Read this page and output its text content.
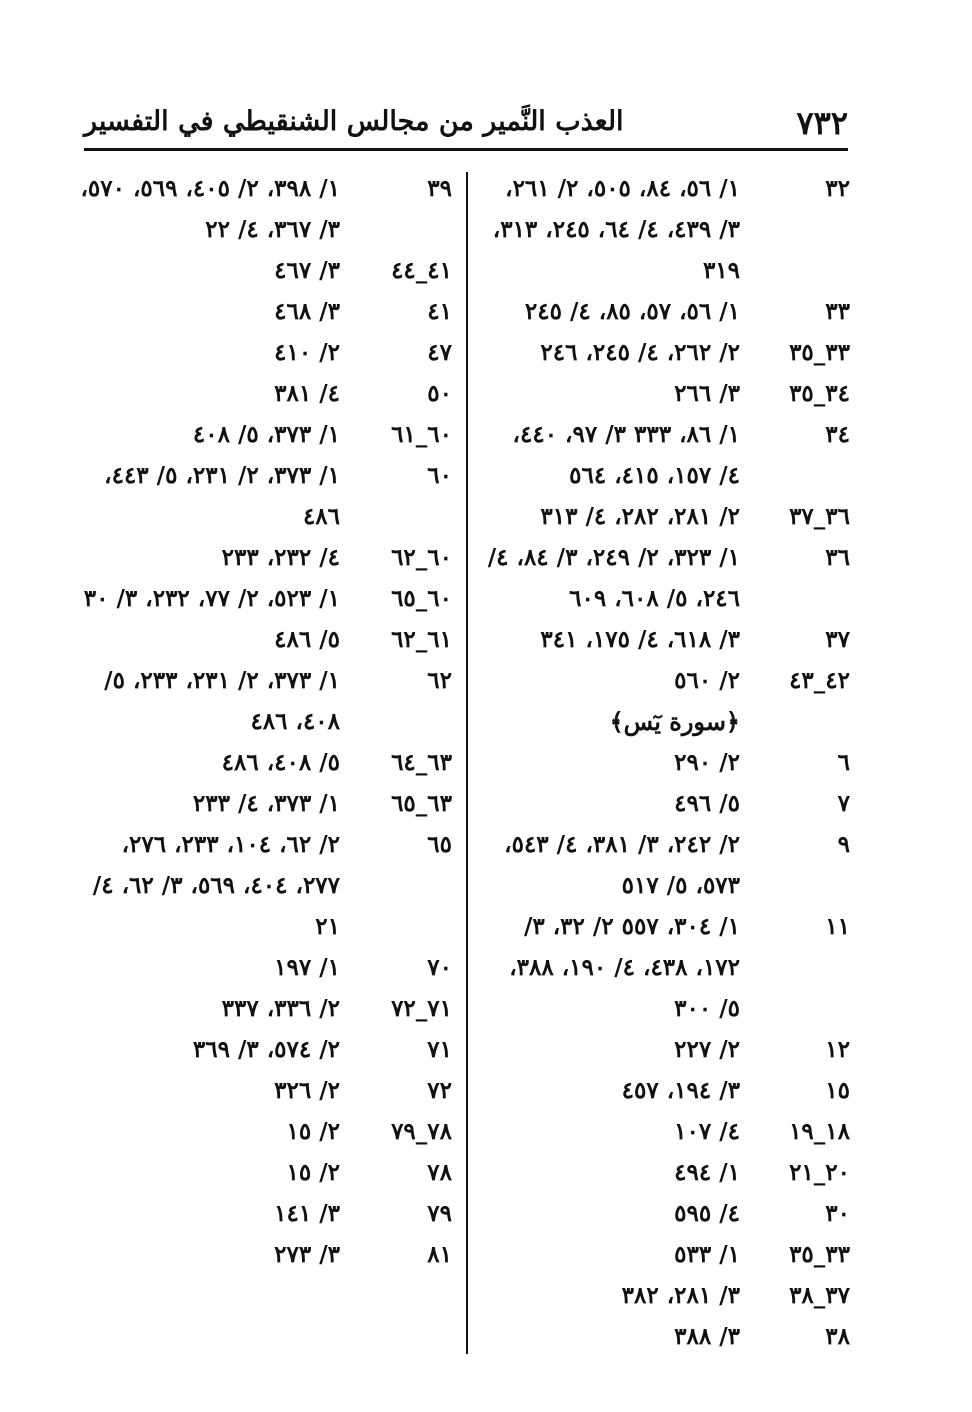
٧٣٢
العذب النَّمير من مجالس الشنقيطي في التفسير
٣٢
١/ ٥٦، ٨٤، ٥٠٥، ٢/ ٢٦١، ٣/ ٤٣٩، ٤/ ٦٤، ٢٤٥، ٣١٣، ٣١٩
٣٣
١/ ٥٦، ٥٧، ٨٥، ٤/ ٢٤٥
٣٣_٣٥
٢/ ٢٦٢، ٤/ ٢٤٥، ٢٤٦
٣٤_٣٥
٣/ ٢٦٦
٣٤
١/ ٨٦، ٣٣٣ ٣/ ٩٧، ٤٤٠، ٤/ ١٥٧، ٤١٥، ٥٦٤
٣٦_٣٧
٢/ ٢٨١، ٢٨٢، ٤/ ٣١٣
٣٦
١/ ٣٢٣، ٢/ ٢٤٩، ٣/ ٨٤، ٤/ ٢٤٦، ٥/ ٦٠٨، ٦٠٩
٣٧
٣/ ٦١٨، ٤/ ١٧٥، ٣٤١
٤٢_٤٣
٢/ ٥٦٠
﴿سورة يٓس﴾
٦
٢/ ٢٩٠
٧
٥/ ٤٩٦
٩
٢/ ٢٤٢، ٣/ ٣٨١، ٤/ ٥٤٣، ٥٧٣، ٥/ ٥١٧
١١
١/ ٣٠٤، ٥٥٧ ٢/ ٣٢، ٣/ ١٧٢، ٤٣٨، ٤/ ١٩٠، ٣٨٨، ٥/ ٣٠٠
١٢
٢/ ٢٢٧
١٥
٣/ ١٩٤، ٤٥٧
١٨_١٩
٤/ ١٠٧
٢٠_٢١
١/ ٤٩٤
٣٠
٤/ ٥٩٥
٣٣_٣٥
١/ ٥٣٣
٣٧_٣٨
٣/ ٢٨١، ٣٨٢
٣٨
٣/ ٣٨٨
٣٩
١/ ٣٩٨، ٢/ ٤٠٥، ٥٦٩، ٥٧٠، ٣/ ٣٦٧، ٤/ ٢٢
٤١_٤٤
٣/ ٤٦٧
٤١
٣/ ٤٦٨
٤٧
٢/ ٤١٠
٥٠
٤/ ٣٨١
٦٠_٦١
١/ ٣٧٣، ٥/ ٤٠٨
٦٠
١/ ٣٧٣، ٢/ ٢٣١، ٥/ ٤٤٣، ٤٨٦
٦٠_٦٢
٤/ ٢٣٢، ٢٣٣
٦٠_٦٥
١/ ٥٢٣، ٢/ ٧٧، ٢٣٢، ٣/ ٣٠
٦١_٦٢
٥/ ٤٨٦
٦٢
١/ ٣٧٣، ٢/ ٢٣١، ٢٣٣، ٥/ ٤٠٨، ٤٨٦
٦٣_٦٤
٥/ ٤٠٨، ٤٨٦
٦٣_٦٥
١/ ٣٧٣، ٤/ ٢٣٣
٦٥
٢/ ٦٢، ١٠٤، ٢٣٣، ٢٧٦، ٢٧٧، ٤٠٤، ٥٦٩، ٣/ ٦٢، ٤/ ٢١
٧٠
١/ ١٩٧
٧١_٧٢
٢/ ٣٣٦، ٣٣٧
٧١
٢/ ٥٧٤، ٣/ ٣٦٩
٧٢
٢/ ٣٢٦
٧٨_٧٩
٢/ ١٥
٧٨
٢/ ١٥
٧٩
٣/ ١٤١
٨١
٣/ ٢٧٣
